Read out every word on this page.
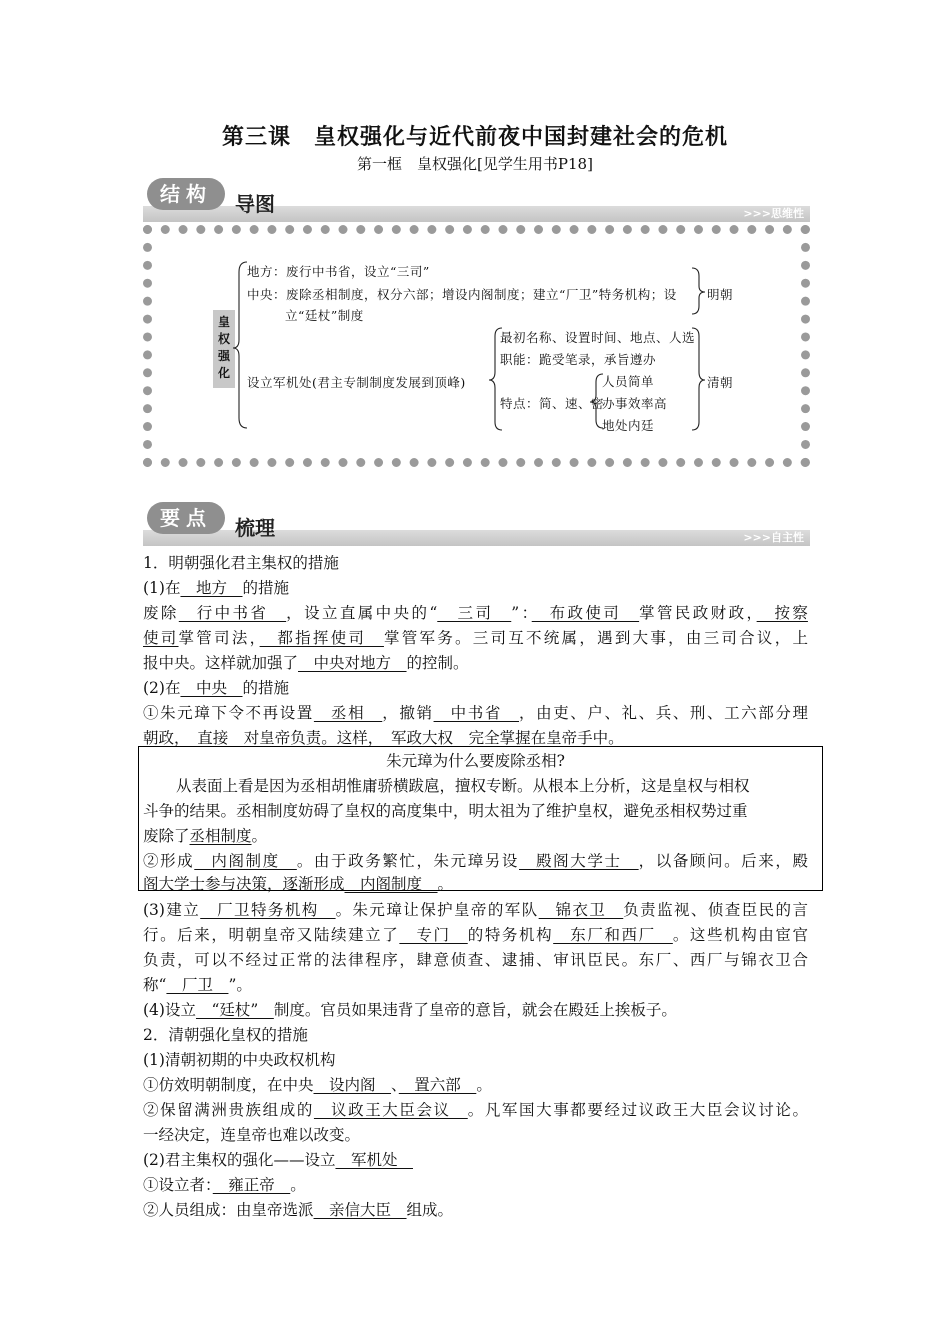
第三课　皇权强化与近代前夜中国封建社会的危机
第一框　皇权强化[见学生用书P18]
结构	导图	>>>思维性
皇权强化
地方：废行中书省，设立“三司”
中央：废除丞相制度，权分六部；增设内阁制度；建立“厂卫”特务机构；设
立“廷杖”制度
明朝
设立军机处(君主专制制度发展到顶峰)
最初名称、设置时间、地点、人选
职能：跪受笔录，承旨遵办
特点：简、速、密
人员简单
办事效率高
地处内廷
清朝
要点	梳理	>>>自主性
1．明朝强化君主集权的措施
(1)在　地方　的措施
废除　行中书省　，设立直属中央的“　三司　”：　布政使司　掌管民政财政，　按察
使司掌管司法，　都指挥使司　掌管军务。三司互不统属，遇到大事，由三司合议，上
报中央。这样就加强了　中央对地方　的控制。
(2)在　中央　的措施
①朱元璋下令不再设置　丞相　，撤销　中书省　，由吏、户、礼、兵、刑、工六部分理
朝政，　直接　对皇帝负责。这样，　军政大权　完全掌握在皇帝手中。
朱元璋为什么要废除丞相?
从表面上看是因为丞相胡惟庸骄横跋扈，擅权专断。从根本上分析，这是皇权与相权
斗争的结果。丞相制度妨碍了皇权的高度集中，明太祖为了维护皇权，避免丞相权势过重
废除了丞相制度。
②形成　内阁制度　。由于政务繁忙，朱元璋另设　殿阁大学士　，以备顾问。后来，殿
阁大学士参与决策，逐渐形成　内阁制度　。
(3)建立　厂卫特务机构　。朱元璋让保护皇帝的军队　锦衣卫　负责监视、侦查臣民的言
行。后来，明朝皇帝又陆续建立了　专门　的特务机构　东厂和西厂　。这些机构由宦官
负责，可以不经过正常的法律程序，肆意侦查、逮捕、审讯臣民。东厂、西厂与锦衣卫合
称“　厂卫　”。
(4)设立　“廷杖”　制度。官员如果违背了皇帝的意旨，就会在殿廷上挨板子。
2．清朝强化皇权的措施
(1)清朝初期的中央政权机构
①仿效明朝制度，在中央　设内阁　、　置六部　。
②保留满洲贵族组成的　议政王大臣会议　。凡军国大事都要经过议政王大臣会议讨论。
一经决定，连皇帝也难以改变。
(2)君主集权的强化——设立　军机处　
①设立者：　雍正帝　。
②人员组成：由皇帝选派　亲信大臣　组成。
